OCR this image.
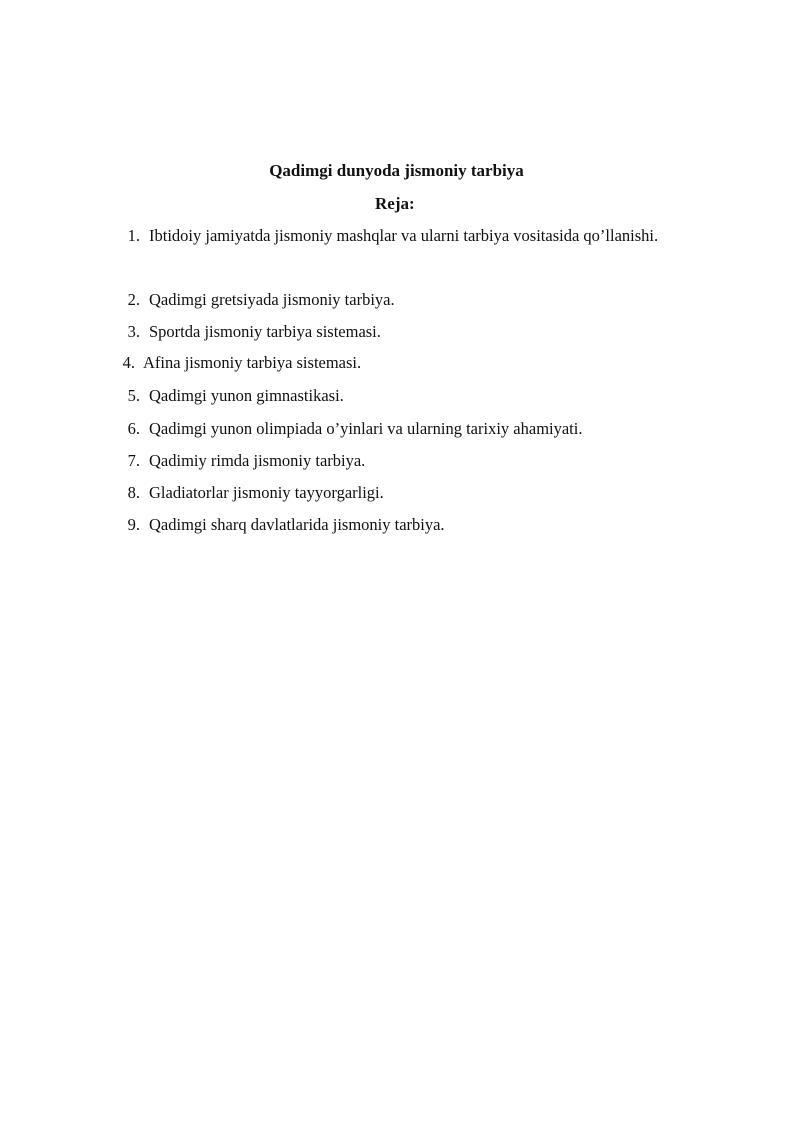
Qadimgi dunyoda jismoniy tarbiya
Reja:
1. Ibtidoiy jamiyatda jismoniy mashqlar va ularni tarbiya vositasida qo’llanishi.
2. Qadimgi gretsiyada jismoniy tarbiya.
3. Sportda jismoniy tarbiya sistemasi.
4. Afina jismoniy tarbiya sistemasi.
5. Qadimgi yunon gimnastikasi.
6. Qadimgi yunon olimpiada o’yinlari va ularning tarixiy ahamiyati.
7. Qadimiy rimda jismoniy tarbiya.
8. Gladiatorlar jismoniy tayyorgarligi.
9. Qadimgi sharq davlatlarida jismoniy tarbiya.
